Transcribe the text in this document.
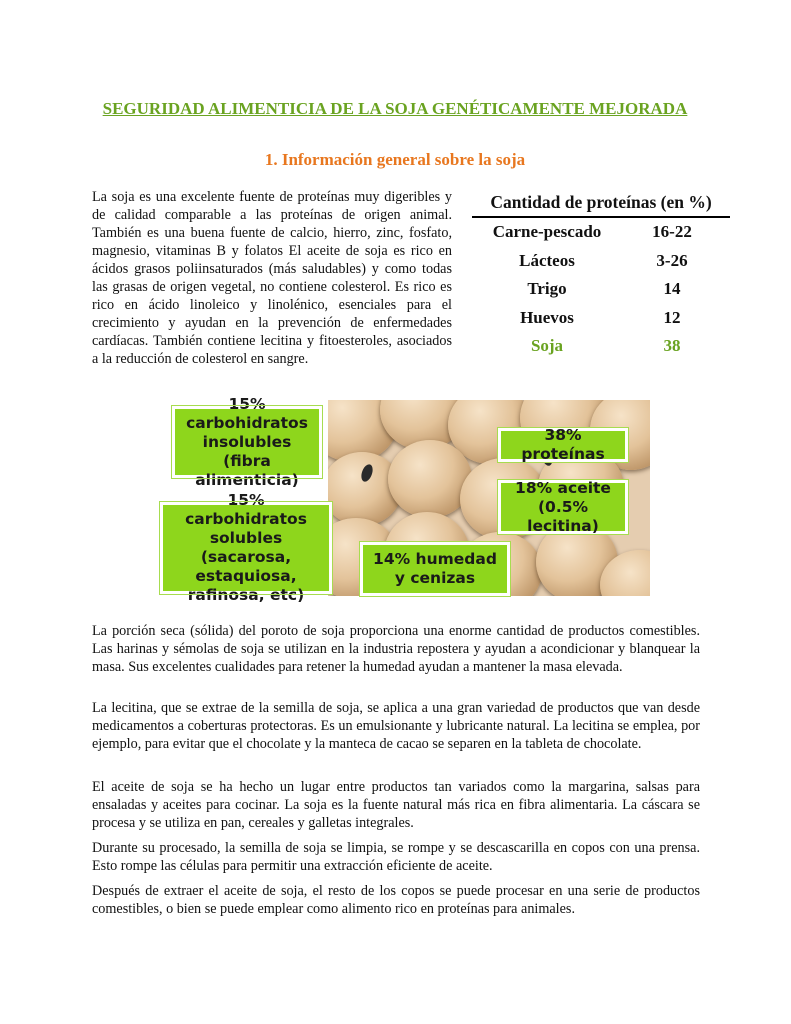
SEGURIDAD ALIMENTICIA DE LA SOJA GENÉTICAMENTE MEJORADA
1. Información general sobre la soja

La soja es una excelente fuente de proteínas muy digeribles y de calidad comparable a las proteínas de origen animal. También es una buena fuente de calcio, hierro, zinc, fosfato, magnesio, vitaminas B y folatos El aceite de soja es rico en ácidos grasos poliinsaturados (más saludables) y como todas las grasas de origen vegetal, no contiene colesterol. Es rico es rico en ácido linoleico y linolénico, esenciales para el crecimiento y ayudan en la prevención de enfermedades cardíacas. También contiene lecitina y fitoesteroles, asociados a la reducción de colesterol en sangre.

Cantidad de proteínas (en %)
Carne-pescado	16-22
Lácteos	3-26
Trigo	14
Huevos	12
Soja	38
15% carbohidratos insolubles (fibra alimenticia)
38% proteínas
18% aceite (0.5% lecitina)
15% carbohidratos solubles (sacarosa, estaquiosa, rafinosa, etc)
14% humedad y cenizas

La porción seca (sólida) del poroto de soja proporciona una enorme cantidad de productos comestibles. Las harinas y sémolas de soja se utilizan en la industria repostera y ayudan a acondicionar y blanquear la masa. Sus excelentes cualidades para retener la humedad ayudan a mantener la masa elevada.

La lecitina, que se extrae de la semilla de soja, se aplica a una gran variedad de productos que van desde medicamentos a coberturas protectoras. Es un emulsionante y lubricante natural. La lecitina se emplea, por ejemplo, para evitar que el chocolate y la manteca de cacao se separen en la tableta de chocolate.

El aceite de soja se ha hecho un lugar entre productos tan variados como la margarina, salsas para ensaladas y aceites para cocinar. La soja es la fuente natural más rica en fibra alimentaria. La cáscara se procesa y se utiliza en pan, cereales y galletas integrales.

Durante su procesado, la semilla de soja se limpia, se rompe y se descascarilla en copos con una prensa. Esto rompe las células para permitir una extracción eficiente de aceite.

Después de extraer el aceite de soja, el resto de los copos se puede procesar en una serie de productos comestibles, o bien se puede emplear como alimento rico en proteínas para animales.
